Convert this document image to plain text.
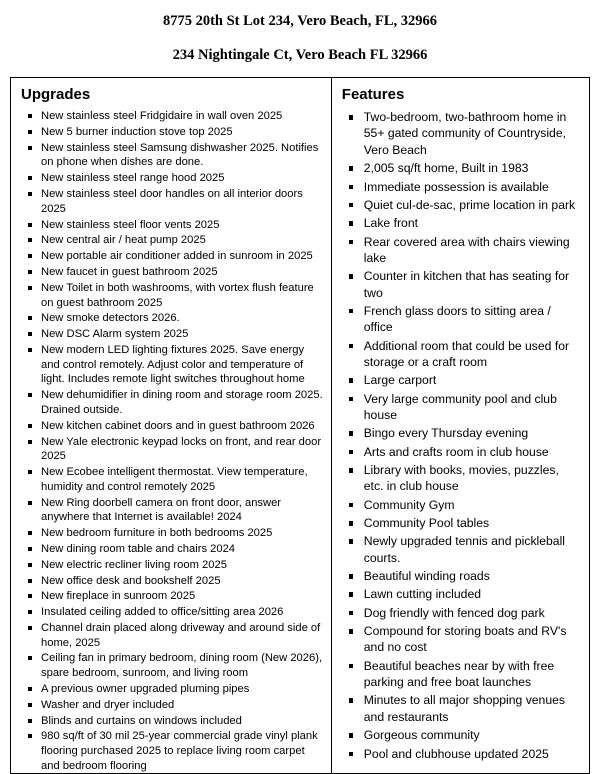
8775 20th St Lot 234, Vero Beach, FL, 32966
234 Nightingale Ct, Vero Beach FL 32966
Upgrades
New stainless steel Fridgidaire in wall oven 2025
New 5 burner induction stove top 2025
New stainless steel Samsung dishwasher 2025. Notifies on phone when dishes are done.
New stainless steel range hood 2025
New stainless steel door handles on all interior doors 2025
New stainless steel floor vents 2025
New central air / heat pump 2025
New portable air conditioner added in sunroom in 2025
New faucet in guest bathroom 2025
New Toilet in both washrooms, with vortex flush feature on guest bathroom 2025
New smoke detectors 2026.
New DSC Alarm system 2025
New modern LED lighting fixtures 2025. Save energy and control remotely. Adjust color and temperature of light. Includes remote light switches throughout home
New dehumidifier in dining room and storage room 2025. Drained outside.
New kitchen cabinet doors and in guest bathroom 2026
New Yale electronic keypad locks on front, and rear door 2025
New Ecobee intelligent thermostat. View temperature, humidity and control remotely 2025
New Ring doorbell camera on front door, answer anywhere that Internet is available! 2024
New bedroom furniture in both bedrooms 2025
New dining room table and chairs 2024
New electric recliner living room 2025
New office desk and bookshelf 2025
New fireplace in sunroom 2025
Insulated ceiling added to office/sitting area 2026
Channel drain placed along driveway and around side of home, 2025
Ceiling fan in primary bedroom, dining room (New 2026), spare bedroom, sunroom, and living room
A previous owner upgraded pluming pipes
Washer and dryer included
Blinds and curtains on windows included
980 sq/ft of 30 mil 25-year commercial grade vinyl plank flooring purchased 2025 to replace living room carpet and bedroom flooring
Features
Two-bedroom, two-bathroom home in 55+ gated community of Countryside, Vero Beach
2,005 sq/ft home, Built in 1983
Immediate possession is available
Quiet cul-de-sac, prime location in park
Lake front
Rear covered area with chairs viewing lake
Counter in kitchen that has seating for two
French glass doors to sitting area / office
Additional room that could be used for storage or a craft room
Large carport
Very large community pool and club house
Bingo every Thursday evening
Arts and crafts room in club house
Library with books, movies, puzzles, etc. in club house
Community Gym
Community Pool tables
Newly upgraded tennis and pickleball courts.
Beautiful winding roads
Lawn cutting included
Dog friendly with fenced dog park
Compound for storing boats and RV's and no cost
Beautiful beaches near by with free parking and free boat launches
Minutes to all major shopping venues and restaurants
Gorgeous community
Pool and clubhouse updated 2025
